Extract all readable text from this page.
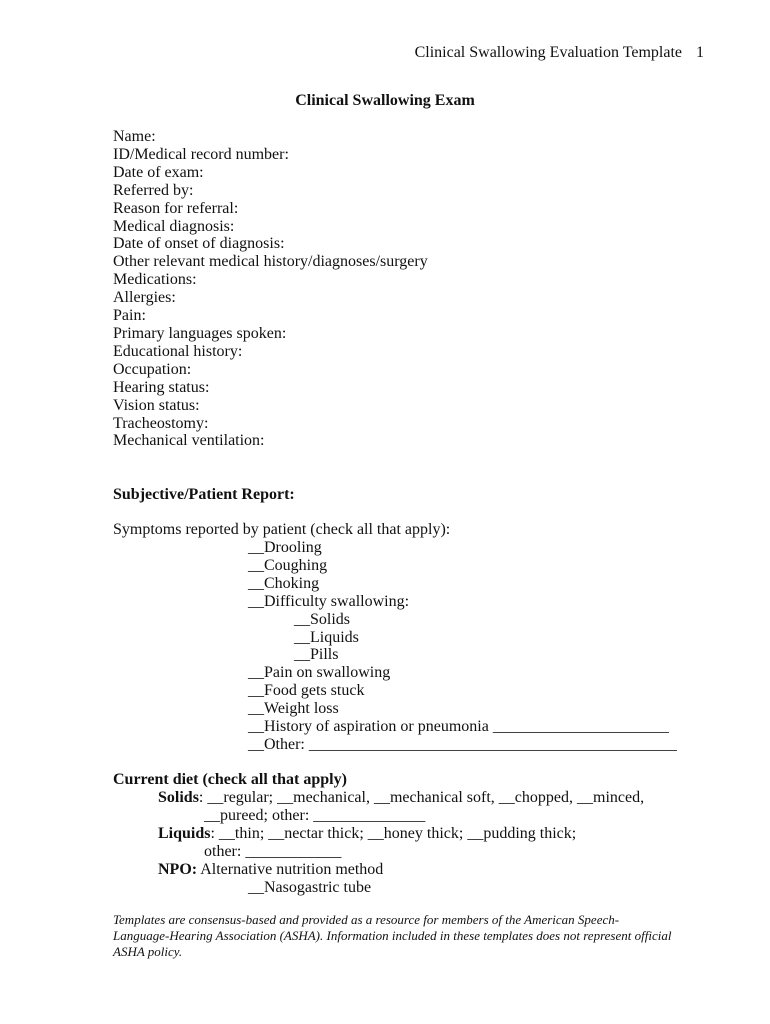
Clinical Swallowing Evaluation Template 1
Clinical Swallowing Exam
Name:
ID/Medical record number:
Date of exam:
Referred by:
Reason for referral:
Medical diagnosis:
Date of onset of diagnosis:
Other relevant medical history/diagnoses/surgery
Medications:
Allergies:
Pain:
Primary languages spoken:
Educational history:
Occupation:
Hearing status:
Vision status:
Tracheostomy:
Mechanical ventilation:
Subjective/Patient Report:
Symptoms reported by patient (check all that apply):
__Drooling
__Coughing
__Choking
__Difficulty swallowing:
__Solids
__Liquids
__Pills
__Pain on swallowing
__Food gets stuck
__Weight loss
__History of aspiration or pneumonia ______________________
__Other: ______________________________________________
Current diet (check all that apply)
Solids: __regular; __mechanical, __mechanical soft, __chopped, __minced,
__pureed; other: ______________
Liquids: __thin; __nectar thick; __honey thick; __pudding thick;
other: ____________
NPO: Alternative nutrition method
__Nasogastric tube
Templates are consensus-based and provided as a resource for members of the American Speech-Language-Hearing Association (ASHA). Information included in these templates does not represent official ASHA policy.
